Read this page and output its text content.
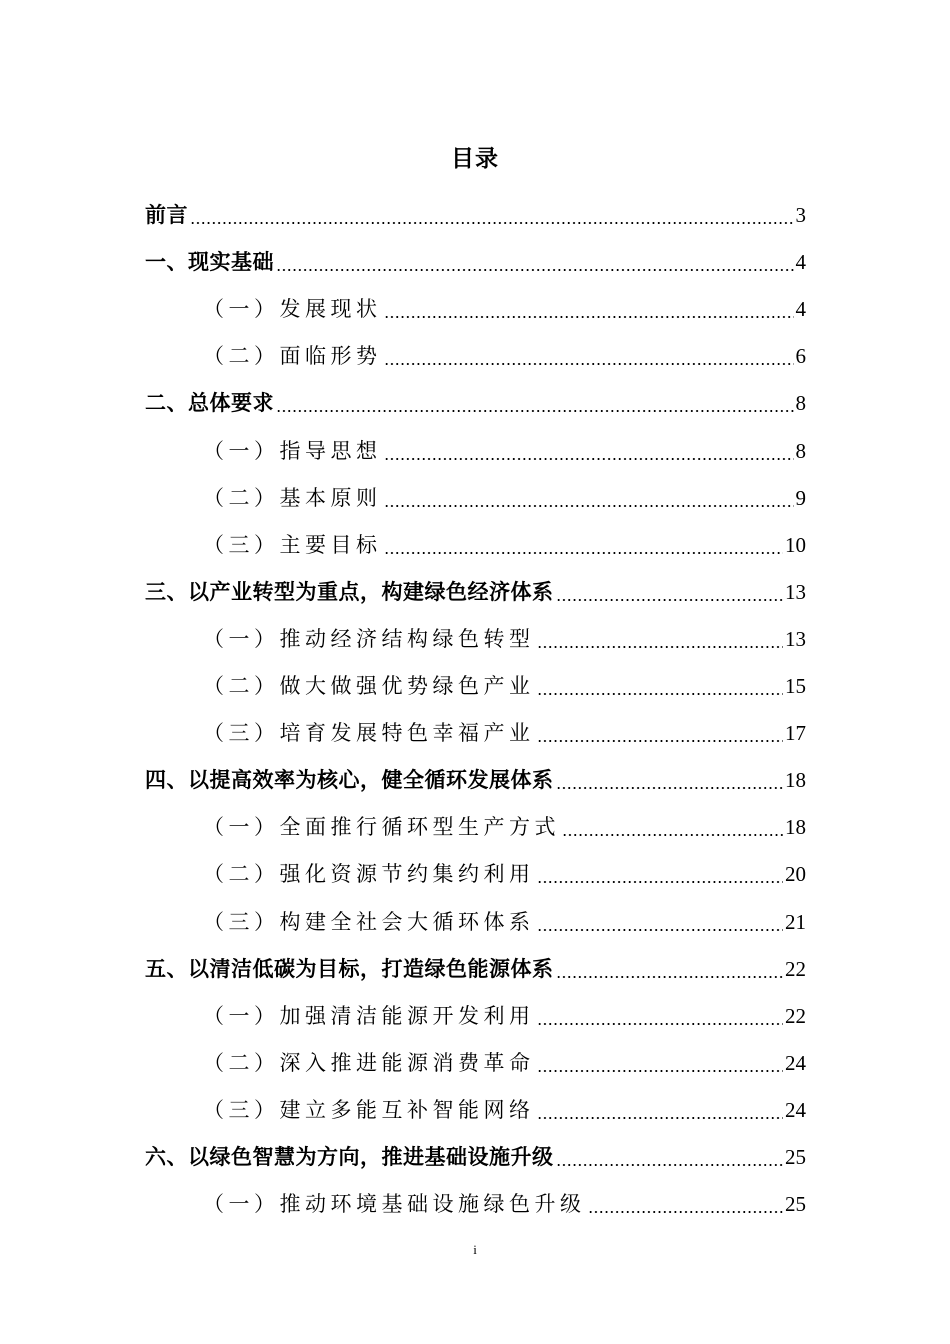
目录
前言	3
一、现实基础	4
（一）发展现状	4
（二）面临形势	6
二、总体要求	8
（一）指导思想	8
（二）基本原则	9
（三）主要目标	10
三、以产业转型为重点，构建绿色经济体系	13
（一）推动经济结构绿色转型	13
（二）做大做强优势绿色产业	15
（三）培育发展特色幸福产业	17
四、以提高效率为核心，健全循环发展体系	18
（一）全面推行循环型生产方式	18
（二）强化资源节约集约利用	20
（三）构建全社会大循环体系	21
五、以清洁低碳为目标，打造绿色能源体系	22
（一）加强清洁能源开发利用	22
（二）深入推进能源消费革命	24
（三）建立多能互补智能网络	24
六、以绿色智慧为方向，推进基础设施升级	25
（一）推动环境基础设施绿色升级	25
i
